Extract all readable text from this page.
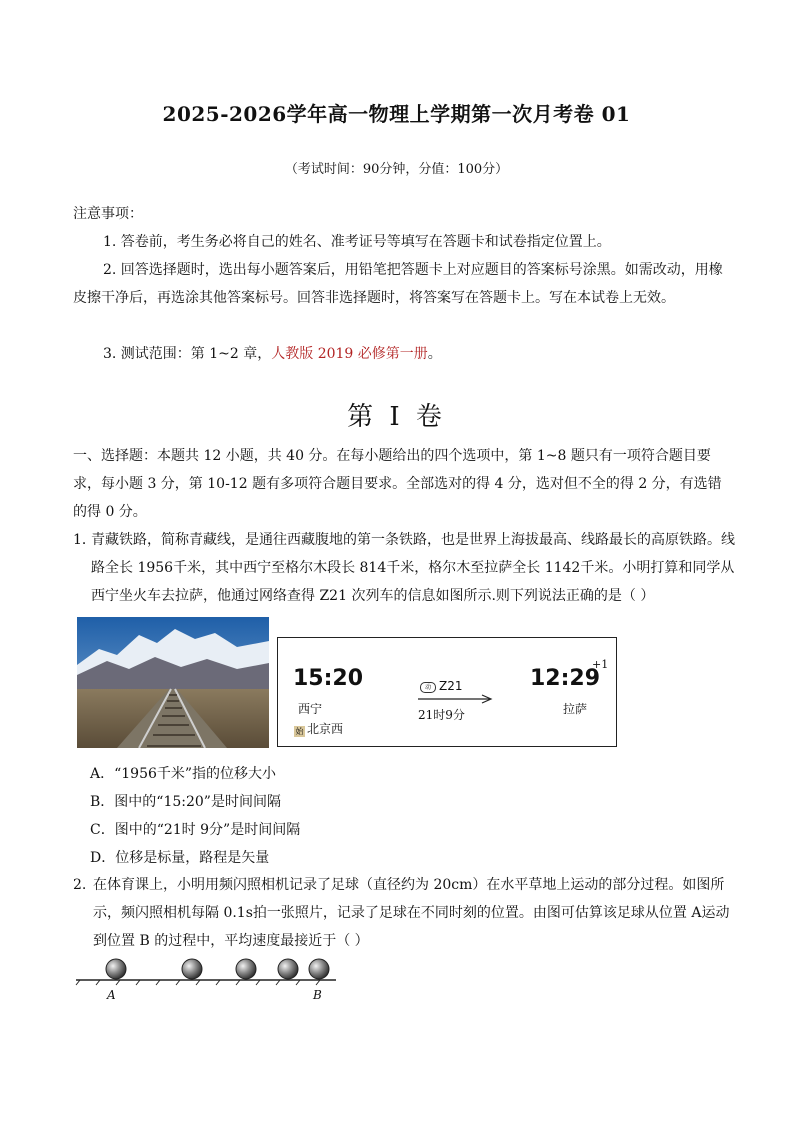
2025-2026学年高一物理上学期第一次月考卷 01
（考试时间：90分钟，分值：100分）
注意事项：
1. 答卷前，考生务必将自己的姓名、准考证号等填写在答题卡和试卷指定位置上。
2. 回答选择题时，选出每小题答案后，用铅笔把答题卡上对应题目的答案标号涂黑。如需改动，用橡皮擦干净后，再选涂其他答案标号。回答非选择题时，将答案写在答题卡上。写在本试卷上无效。
3. 测试范围：第 1~2 章，人教版 2019 必修第一册。
第 I 卷
一、选择题：本题共 12 小题，共 40 分。在每小题给出的四个选项中，第 1~8 题只有一项符合题目要求，每小题 3 分，第 10-12 题有多项符合题目要求。全部选对的得 4 分，选对但不全的得 2 分，有选错的得 0 分。
1．
青藏铁路，简称青藏线，是通往西藏腹地的第一条铁路，也是世界上海拔最高、线路最长的高原铁路。线路全长 1956千米，其中西宁至格尔木段长 814千米，格尔木至拉萨全长 1142千米。小明打算和同学从西宁坐火车去拉萨，他通过网络查得 Z21 次列车的信息如图所示.则下列说法正确的是（ ）
15:20	12:29
+1
西宁	拉萨
始 北京西
动 Z21
21时9分
A．“1956千米”指的位移大小
B．图中的“15:20”是时间间隔
C．图中的“21时 9分”是时间间隔
D．位移是标量，路程是矢量
2. 在体育课上，小明用频闪照相机记录了足球（直径约为 20cm）在水平草地上运动的部分过程。如图所示，频闪照相机每隔 0.1s拍一张照片，记录了足球在不同时刻的位置。由图可估算该足球从位置 A运动到位置 B 的过程中，平均速度最接近于（ ）
A	B
